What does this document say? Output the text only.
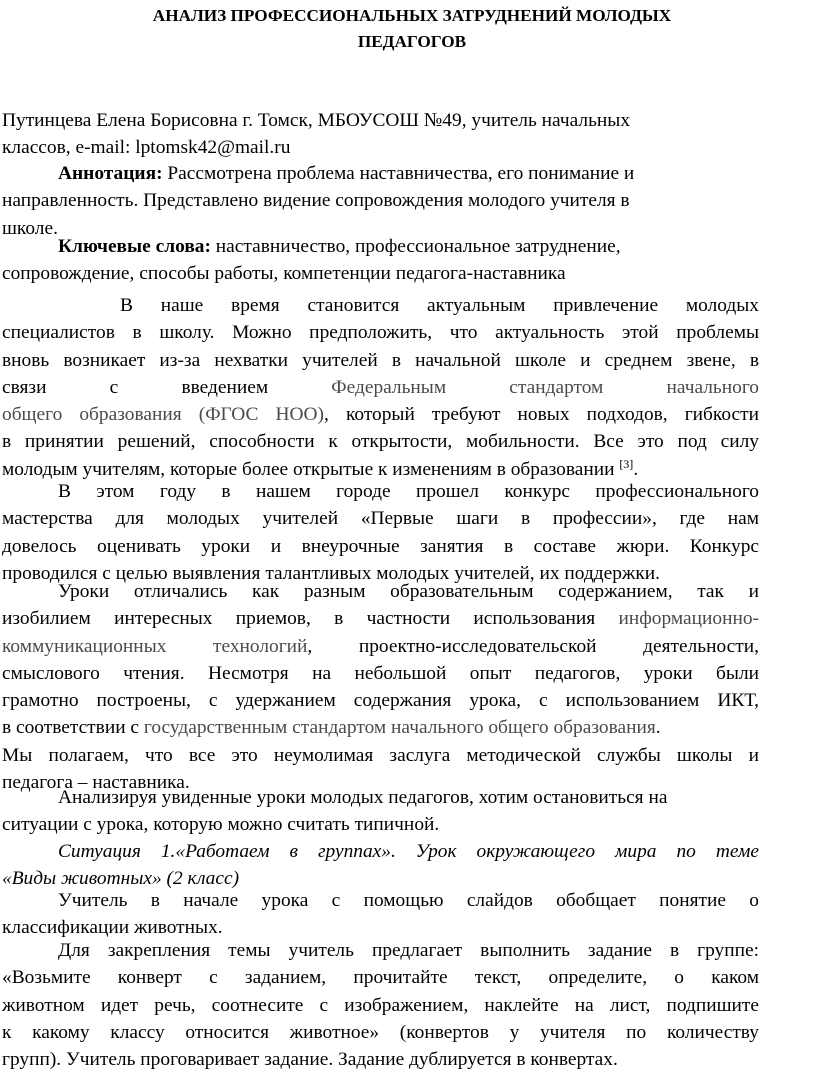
АНАЛИЗ ПРОФЕССИОНАЛЬНЫХ ЗАТРУДНЕНИЙ МОЛОДЫХ
ПЕДАГОГОВ
Путинцева Елена Борисовна г. Томск, МБОУСОШ №49, учитель начальных
классов, e-mail: lptomsk42@mail.ru
Аннотация: Рассмотрена проблема наставничества, его понимание и
направленность. Представлено видение сопровождения молодого учителя в
школе.
Ключевые слова: наставничество, профессиональное затруднение,
сопровождение, способы работы, компетенции педагога-наставника
В наше время становится актуальным привлечение молодых
специалистов в школу. Можно предположить, что актуальность этой проблемы
вновь возникает из-за нехватки учителей в начальной школе и среднем звене, в
связи с введением Федеральным стандартом начального
общего образования (ФГОС НОО), который требуют новых подходов, гибкости
в принятии решений, способности к открытости, мобильности. Все это под силу
молодым учителям, которые более открытые к изменениям в образовании [3].
В этом году в нашем городе прошел конкурс профессионального
мастерства для молодых учителей «Первые шаги в профессии», где нам
довелось оценивать уроки и внеурочные занятия в составе жюри. Конкурс
проводился с целью выявления талантливых молодых учителей, их поддержки.
Уроки отличались как разным образовательным содержанием, так и
изобилием интересных приемов, в частности использования информационно-
коммуникационных технологий, проектно-исследовательской деятельности,
смыслового чтения. Несмотря на небольшой опыт педагогов, уроки были
грамотно построены, с удержанием содержания урока, с использованием ИКТ,
в соответствии с государственным стандартом начального общего образования.
Мы полагаем, что все это неумолимая заслуга методической службы школы и
педагога – наставника.
Анализируя увиденные уроки молодых педагогов, хотим остановиться на
ситуации с урока, которую можно считать типичной.
Ситуация 1.«Работаем в группах». Урок окружающего мира по теме
«Виды животных» (2 класс)
Учитель в начале урока с помощью слайдов обобщает понятие о
классификации животных.
Для закрепления темы учитель предлагает выполнить задание в группе:
«Возьмите конверт с заданием, прочитайте текст, определите, о каком
животном идет речь, соотнесите с изображением, наклейте на лист, подпишите
к какому классу относится животное» (конвертов у учителя по количеству
групп). Учитель проговаривает задание. Задание дублируется в конвертах.
